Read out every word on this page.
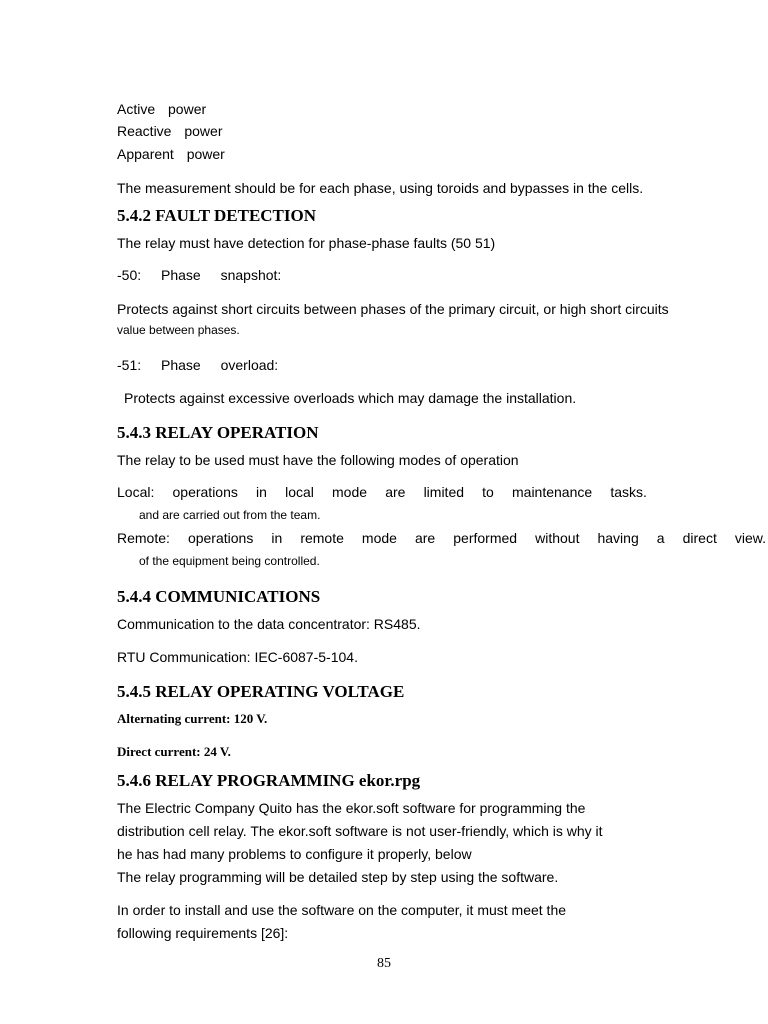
Active power
Reactive power
Apparent power
The measurement should be for each phase, using toroids and bypasses in the cells.
5.4.2 FAULT DETECTION
The relay must have detection for phase-phase faults (50 51)
-50: Phase snapshot:
Protects against short circuits between phases of the primary circuit, or high short circuits
value between phases.
-51: Phase overload:
Protects against excessive overloads which may damage the installation.
5.4.3 RELAY OPERATION
The relay to be used must have the following modes of operation
Local: operations in local mode are limited to maintenance tasks.
and are carried out from the team.
Remote: operations in remote mode are performed without having a direct view.
of the equipment being controlled.
5.4.4 COMMUNICATIONS
Communication to the data concentrator: RS485.
RTU Communication: IEC-6087-5-104.
5.4.5 RELAY OPERATING VOLTAGE
Alternating current: 120 V.
Direct current: 24 V.
5.4.6 RELAY PROGRAMMING ekor.rpg
The Electric Company Quito has the ekor.soft software for programming the
distribution cell relay. The ekor.soft software is not user-friendly, which is why it
he has had many problems to configure it properly, below
The relay programming will be detailed step by step using the software.
In order to install and use the software on the computer, it must meet the
following requirements [26]:
85
